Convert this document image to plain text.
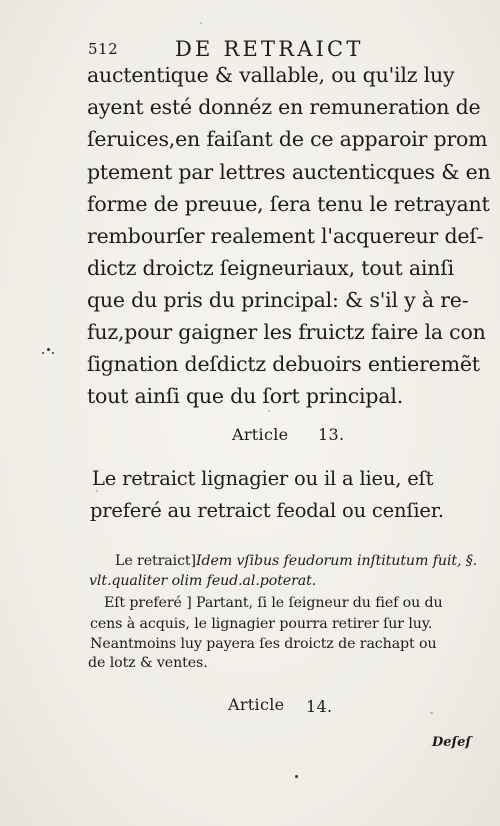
512	DE RETRAICT
auctentique & vallable, ou qu'ilz luy
ayent esté donnéz en remuneration de
ſeruices,en faiſant de ce apparoir prom
ptement par lettres auctenticques & en
forme de preuue, ſera tenu le retrayant
rembourſer realement l'acquereur deſ-
dictz droictz ſeigneuriaux, tout ainſi
que du pris du principal: & s'il y à re-
fuz,pour gaigner les fruictz faire la con
ſignation deſdictz debuoirs entieremẽt
tout ainſi que du ſort principal.
Article 13.
Le retraict lignagier ou il a lieu, eſt
preferé au retraict feodal ou cenſier.
Le retraict]Idem vſibus feudorum inſtitutum fuit, §.
vlt.qualiter olim feud.al.poterat.
Eſt preferé ] Partant, ſi le ſeigneur du fief ou du
cens à acquis, le lignagier pourra retirer ſur luy.
Neantmoins luy payera ſes droictz de rachapt ou
de lotz & ventes.
Article 14.
Deſeſ
